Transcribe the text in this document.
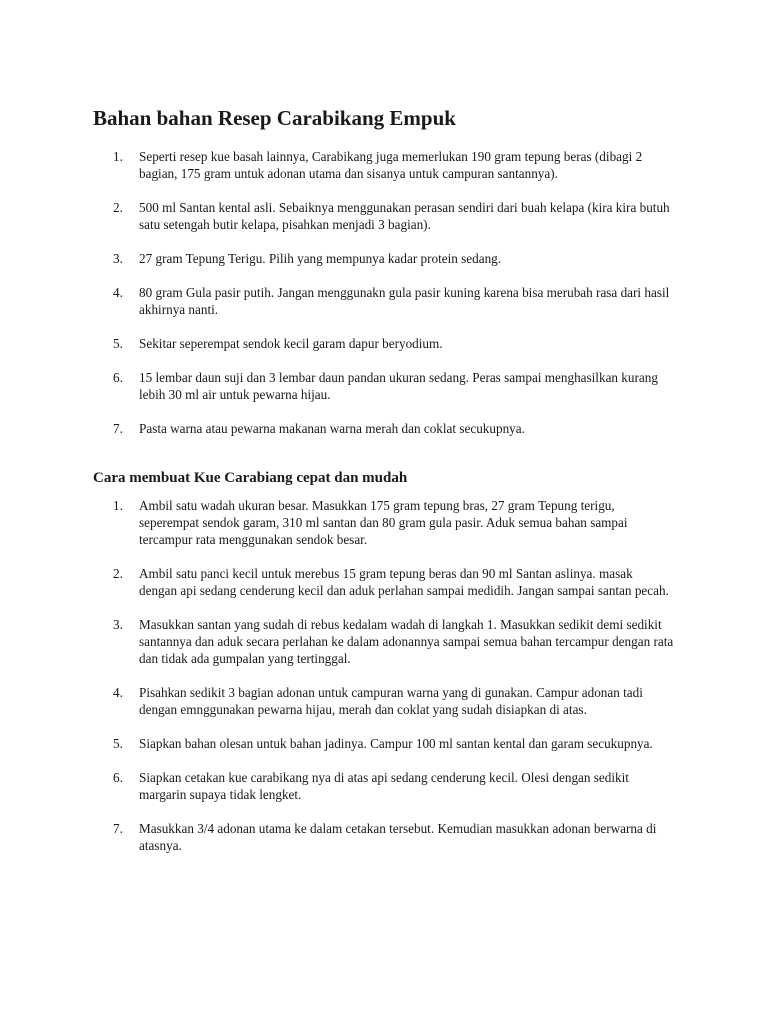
Bahan bahan Resep Carabikang Empuk
1.	Seperti resep kue basah lainnya, Carabikang juga memerlukan 190 gram tepung beras (dibagi 2 bagian, 175 gram untuk adonan utama dan sisanya untuk campuran santannya).
2.	500 ml Santan kental asli. Sebaiknya menggunakan perasan sendiri dari buah kelapa (kira kira butuh satu setengah butir kelapa, pisahkan menjadi 3 bagian).
3.	27 gram Tepung Terigu. Pilih yang mempunya kadar protein sedang.
4.	80 gram Gula pasir putih. Jangan menggunakn gula pasir kuning karena bisa merubah rasa dari hasil akhirnya nanti.
5.	Sekitar seperempat sendok kecil garam dapur beryodium.
6.	15 lembar daun suji dan 3 lembar daun pandan ukuran sedang. Peras sampai menghasilkan kurang lebih 30 ml air untuk pewarna hijau.
7.	Pasta warna atau pewarna makanan warna merah dan coklat secukupnya.
Cara membuat Kue Carabiang cepat dan mudah
1.	Ambil satu wadah ukuran besar. Masukkan 175 gram tepung bras, 27 gram Tepung terigu, seperempat sendok garam, 310 ml santan dan 80 gram gula pasir. Aduk semua bahan sampai tercampur rata menggunakan sendok besar.
2.	Ambil satu panci kecil untuk merebus 15 gram tepung beras dan 90 ml Santan aslinya. masak dengan api sedang cenderung kecil dan aduk perlahan sampai medidih. Jangan sampai santan pecah.
3.	Masukkan santan yang sudah di rebus kedalam wadah di langkah 1. Masukkan sedikit demi sedikit santannya dan aduk secara perlahan ke dalam adonannya sampai semua bahan tercampur dengan rata dan tidak ada gumpalan yang tertinggal.
4.	Pisahkan sedikit 3 bagian adonan untuk campuran warna yang di gunakan. Campur adonan tadi dengan emnggunakan pewarna hijau, merah dan coklat yang sudah disiapkan di atas.
5.	Siapkan bahan olesan untuk bahan jadinya. Campur 100 ml santan kental dan garam secukupnya.
6.	Siapkan cetakan kue carabikang nya di atas api sedang cenderung kecil. Olesi dengan sedikit margarin supaya tidak lengket.
7.	Masukkan 3/4 adonan utama ke dalam cetakan tersebut. Kemudian masukkan adonan berwarna di atasnya.
